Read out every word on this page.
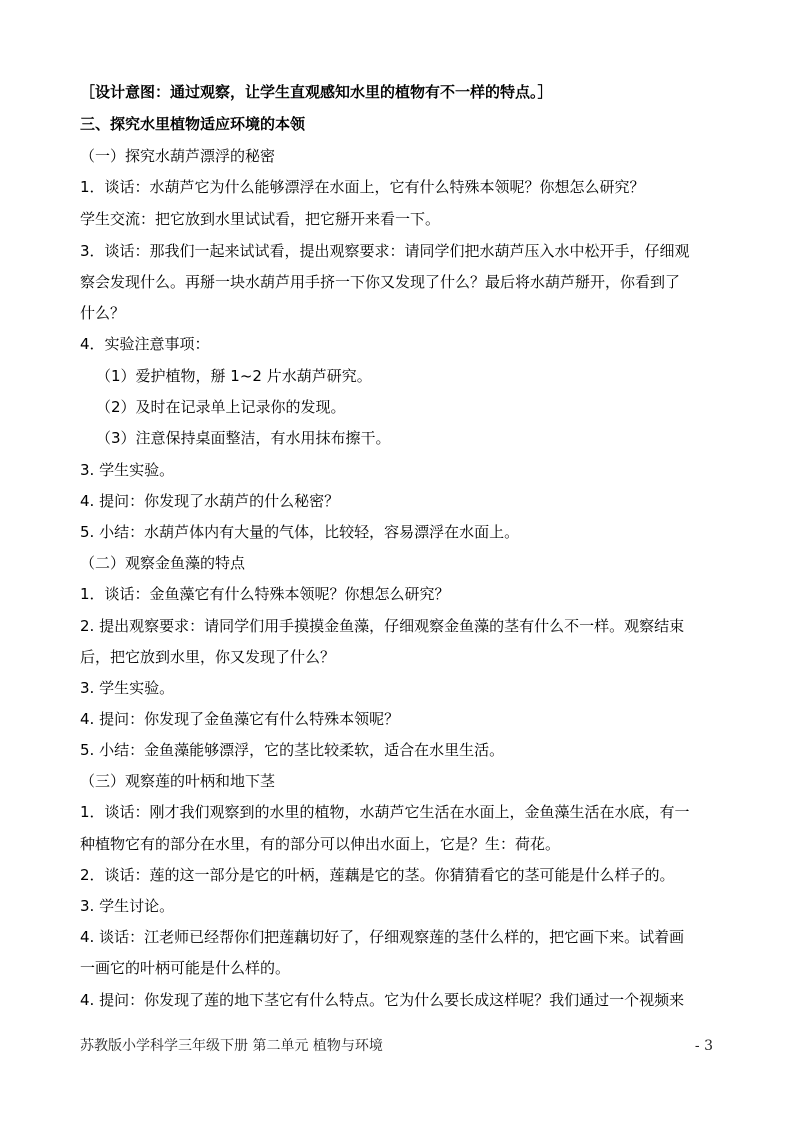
［设计意图：通过观察，让学生直观感知水里的植物有不一样的特点。］
三、探究水里植物适应环境的本领
（一）探究水葫芦漂浮的秘密
1．谈话：水葫芦它为什么能够漂浮在水面上，它有什么特殊本领呢？你想怎么研究？
学生交流：把它放到水里试试看，把它掰开来看一下。
3．谈话：那我们一起来试试看，提出观察要求：请同学们把水葫芦压入水中松开手，仔细观
察会发现什么。再掰一块水葫芦用手挤一下你又发现了什么？最后将水葫芦掰开，你看到了
什么？
4．实验注意事项：
（1）爱护植物，掰 1~2 片水葫芦研究。
（2）及时在记录单上记录你的发现。
（3）注意保持桌面整洁，有水用抹布擦干。
3. 学生实验。
4. 提问：你发现了水葫芦的什么秘密？
5. 小结：水葫芦体内有大量的气体，比较轻，容易漂浮在水面上。
（二）观察金鱼藻的特点
1．谈话：金鱼藻它有什么特殊本领呢？你想怎么研究？
2. 提出观察要求：请同学们用手摸摸金鱼藻，仔细观察金鱼藻的茎有什么不一样。观察结束
后，把它放到水里，你又发现了什么？
3. 学生实验。
4. 提问：你发现了金鱼藻它有什么特殊本领呢？
5. 小结：金鱼藻能够漂浮，它的茎比较柔软，适合在水里生活。
（三）观察莲的叶柄和地下茎
1．谈话：刚才我们观察到的水里的植物，水葫芦它生活在水面上，金鱼藻生活在水底，有一
种植物它有的部分在水里，有的部分可以伸出水面上，它是？生：荷花。
2．谈话：莲的这一部分是它的叶柄，莲藕是它的茎。你猜猜看它的茎可能是什么样子的。
3. 学生讨论。
4. 谈话：江老师已经帮你们把莲藕切好了，仔细观察莲的茎什么样的，把它画下来。试着画
一画它的叶柄可能是什么样的。
4. 提问：你发现了莲的地下茎它有什么特点。它为什么要长成这样呢？我们通过一个视频来
苏教版小学科学三年级下册 第二单元 植物与环境	- 3
